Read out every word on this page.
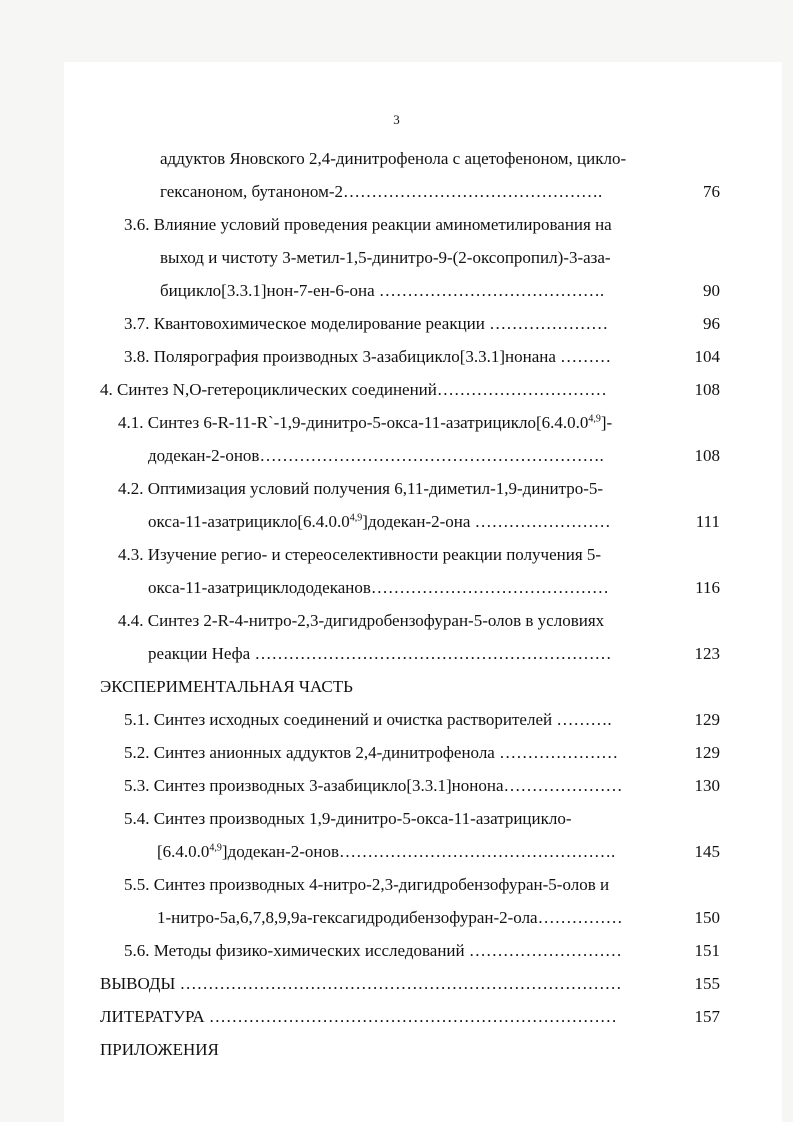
3
аддуктов Яновского 2,4-динитрофенола с ацетофеноном, цикло-
гексаноном, бутаноном-2……………………………………….	76
3.6. Влияние условий проведения реакции аминометилирования на
выход и чистоту 3-метил-1,5-динитро-9-(2-оксопропил)-3-аза-
бицикло[3.3.1]нон-7-ен-6-она ………………………………….	90
3.7. Квантовохимическое моделирование реакции …………………	96
3.8. Полярография производных 3-азабицикло[3.3.1]нонана ………	104
4. Синтез N,O-гетероциклических соединений…………………………	108
4.1. Синтез 6-R-11-R`-1,9-динитро-5-окса-11-азатрицикло[6.4.0.0$^{4,9}$]-
додекан-2-онов…………………………………………………….	108
4.2. Оптимизация условий получения 6,11-диметил-1,9-динитро-5-
окса-11-азатрицикло[6.4.0.0$^{4,9}$]додекан-2-она ……………………	111
4.3. Изучение регио- и стереоселективности реакции получения 5-
окса-11-азатрициклододеканов……………………………………	116
4.4. Синтез 2-R-4-нитро-2,3-дигидробензофуран-5-олов в условиях
реакции Нефа ………………………………………………………	123
ЭКСПЕРИМЕНТАЛЬНАЯ ЧАСТЬ
5.1. Синтез исходных соединений и очистка растворителей ……….	129
5.2. Синтез анионных аддуктов 2,4-динитрофенола …………………	129
5.3. Синтез производных 3-азабицикло[3.3.1]нонона…………………	130
5.4. Синтез производных 1,9-динитро-5-окса-11-азатрицикло-
[6.4.0.0$^{4,9}$]додекан-2-онов………………………………………….	145
5.5. Синтез производных 4-нитро-2,3-дигидробензофуран-5-олов и
1-нитро-5а,6,7,8,9,9а-гексагидродибензофуран-2-ола……………	150
5.6. Методы физико-химических исследований ………………………	151
ВЫВОДЫ ……………………………………………………………………	155
ЛИТЕРАТУРА ………………………………………………………………	157
ПРИЛОЖЕНИЯ
